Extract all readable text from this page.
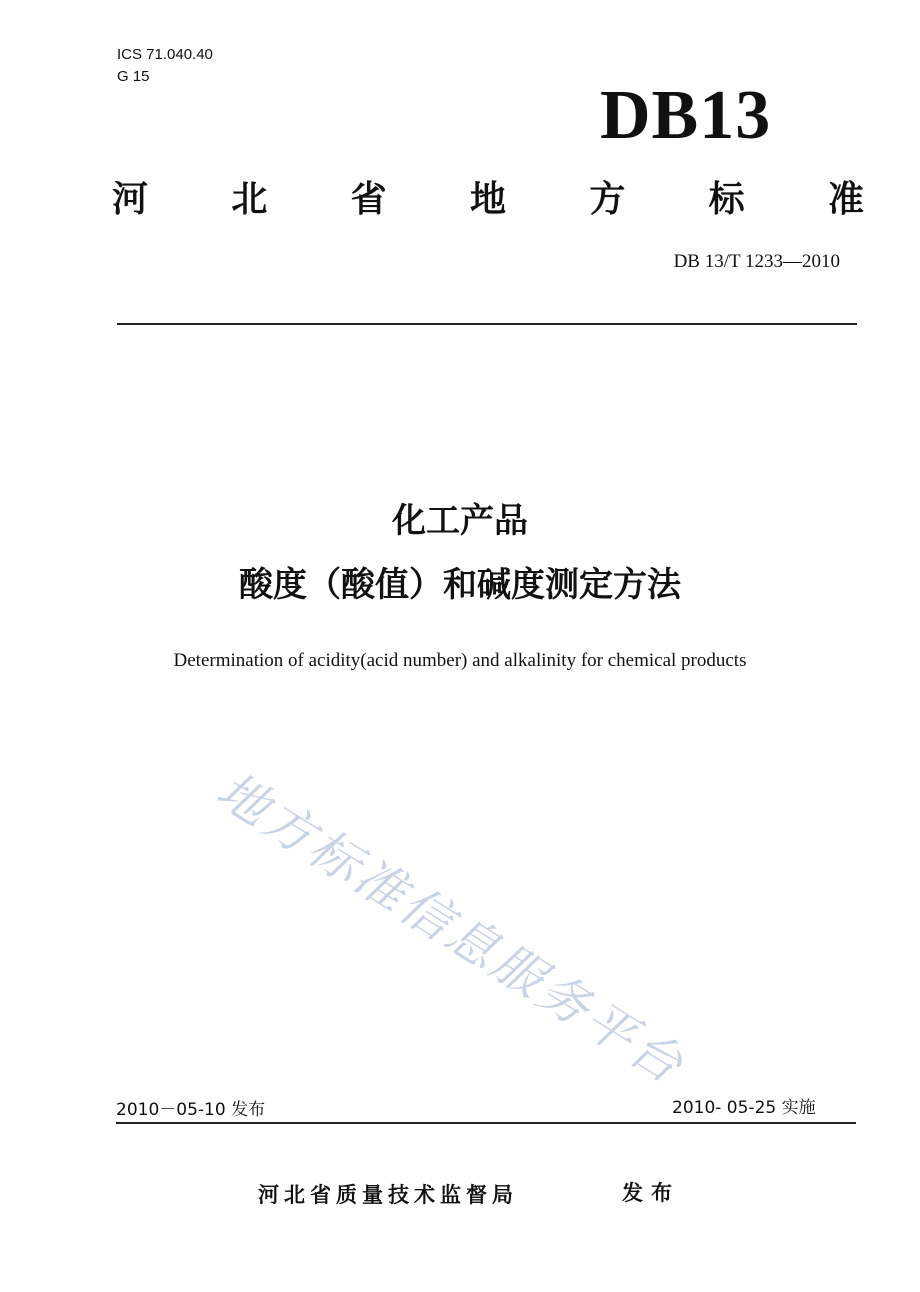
ICS 71.040.40
G 15
DB13
河 北 省 地 方 标 准
DB 13/T 1233—2010
化工产品
酸度（酸值）和碱度测定方法
Determination of acidity(acid number) and alkalinity for chemical products
地方标准信息服务平台
2010－05-10 发布	2010- 05-25 实施
河北省质量技术监督局	发布
